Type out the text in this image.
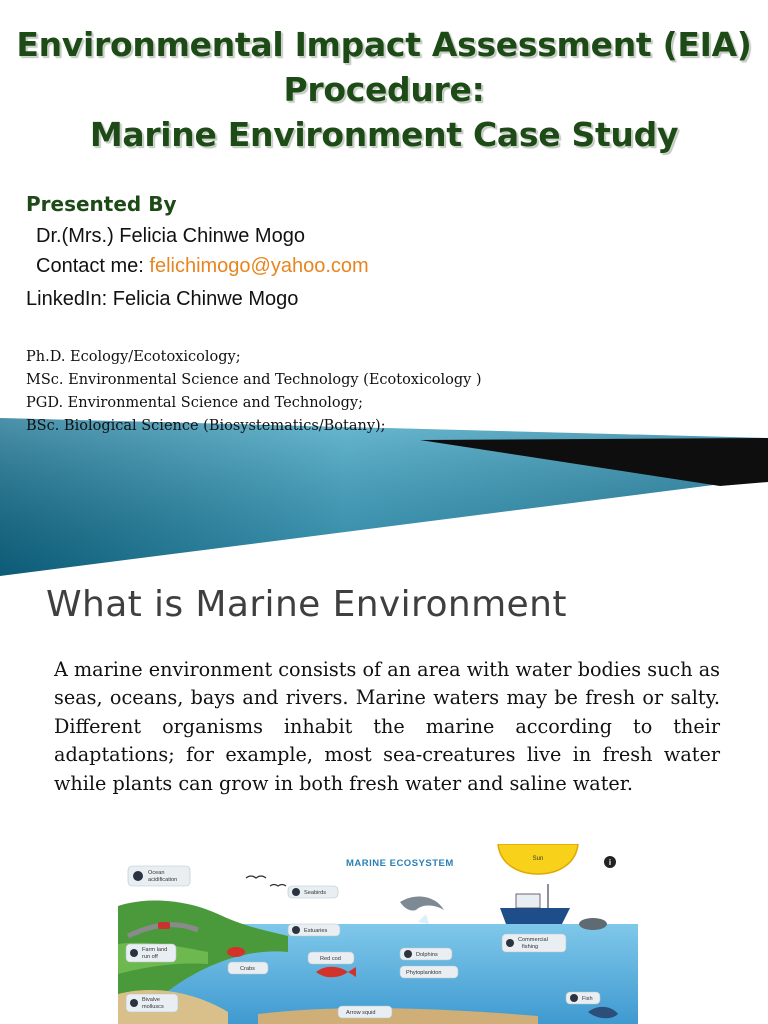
Environmental Impact Assessment (EIA)
Procedure:
Marine Environment Case Study
Presented By
Dr.(Mrs.) Felicia Chinwe Mogo
Contact me: felichimogo@yahoo.com
LinkedIn: Felicia Chinwe Mogo
Ph.D. Ecology/Ecotoxicology;
MSc. Environmental Science and Technology (Ecotoxicology )
PGD. Environmental Science and Technology;
BSc. Biological Science (Biosystematics/Botany);
What is Marine Environment
A marine environment consists of an area with water bodies such as seas, oceans, bays and rivers. Marine waters may be fresh or salty. Different organisms inhabit the marine according to their adaptations; for example, most sea-creatures live in fresh water while plants can grow in both fresh water and saline water.
Sun	i
MARINE ECOSYSTEM
Ocean
acidification
Seabirds
Estuaries
Farm land
run off
Crabs
Red cod
Dolphins
Commercial
fishing
Phytoplankton
Bivalve
molluscs
Arrow squid
Fish
